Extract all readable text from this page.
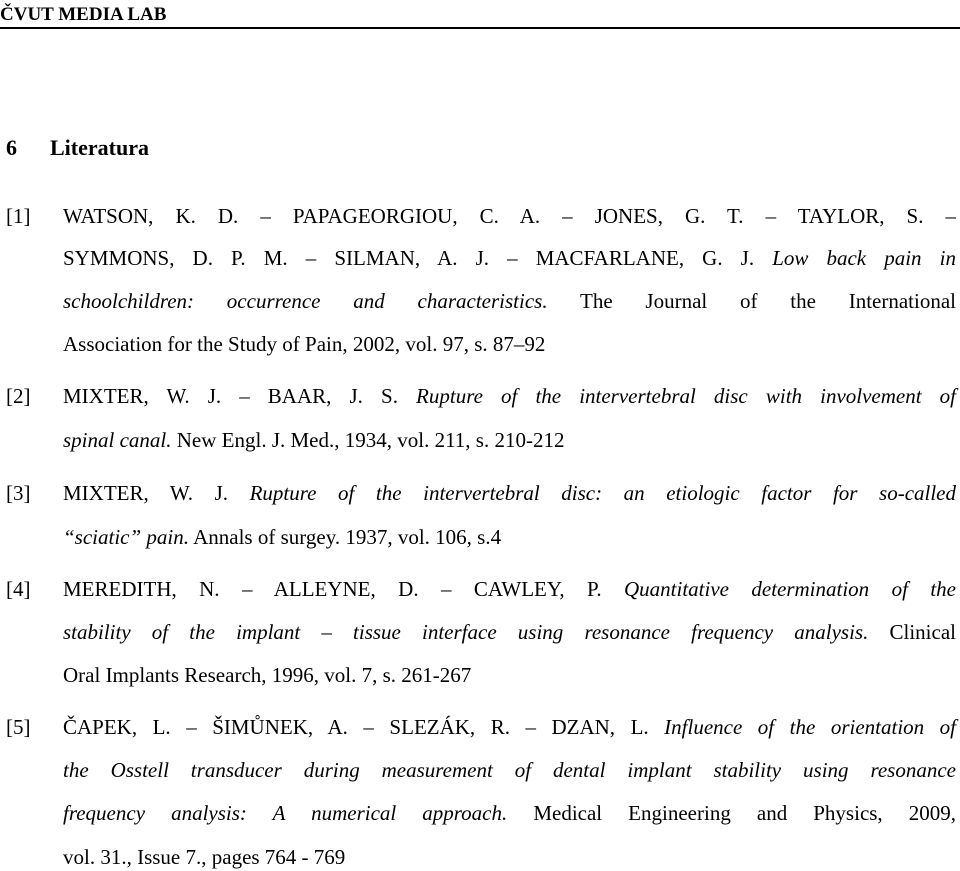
ČVUT MEDIA LAB
6 Literatura
[1] WATSON, K. D. – PAPAGEORGIOU, C. A. – JONES, G. T. – TAYLOR, S. –
SYMMONS, D. P. M. – SILMAN, A. J. – MACFARLANE, G. J. Low back pain in
schoolchildren: occurrence and characteristics. The Journal of the International
Association for the Study of Pain, 2002, vol. 97, s. 87–92
[2] MIXTER, W. J. – BAAR, J. S. Rupture of the intervertebral disc with involvement of
spinal canal. New Engl. J. Med., 1934, vol. 211, s. 210-212
[3] MIXTER, W. J. Rupture of the intervertebral disc: an etiologic factor for so-called
“sciatic” pain. Annals of surgey. 1937, vol. 106, s.4
[4] MEREDITH, N. – ALLEYNE, D. – CAWLEY, P. Quantitative determination of the
stability of the implant – tissue interface using resonance frequency analysis. Clinical
Oral Implants Research, 1996, vol. 7, s. 261-267
[5] ČAPEK, L. – ŠIMŮNEK, A. – SLEZÁK, R. – DZAN, L. Influence of the orientation of
the Osstell transducer during measurement of dental implant stability using resonance
frequency analysis: A numerical approach. Medical Engineering and Physics, 2009,
vol. 31., Issue 7., pages 764 - 769
